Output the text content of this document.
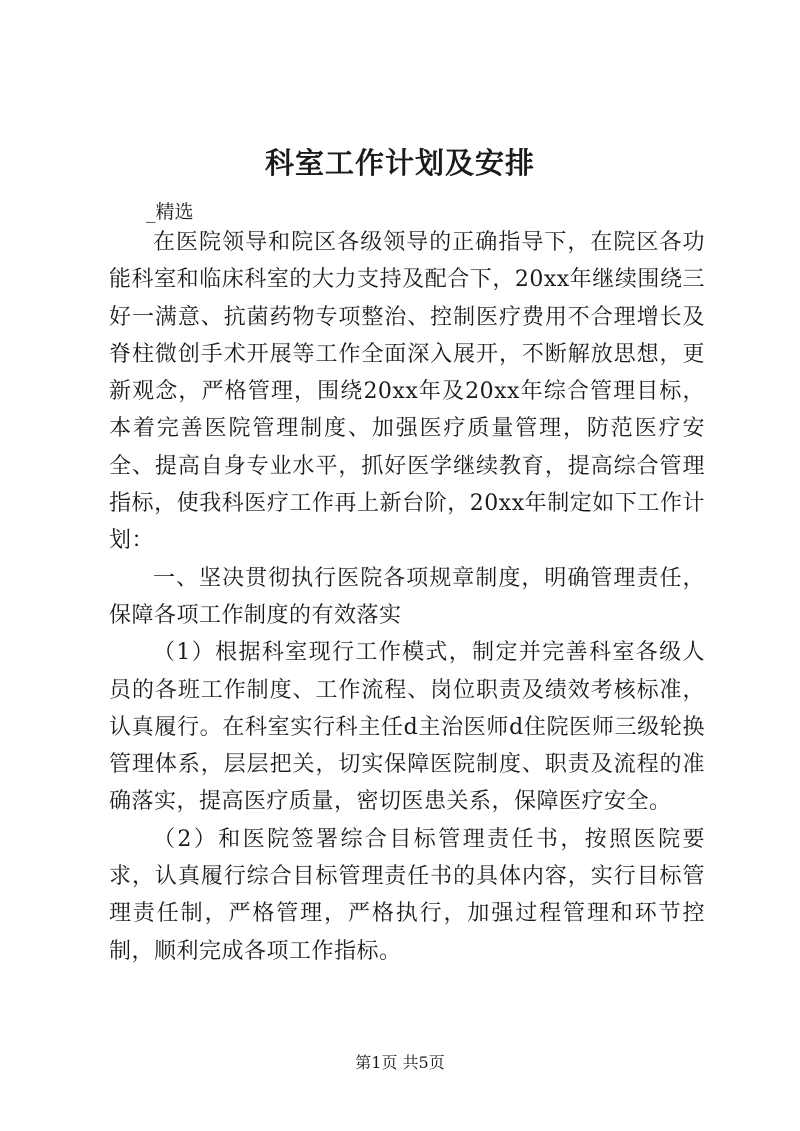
科室工作计划及安排
_精选

在医院领导和院区各级领导的正确指导下，在院区各功能科室和临床科室的大力支持及配合下，20xx年继续围绕三好一满意、抗菌药物专项整治、控制医疗费用不合理增长及脊柱微创手术开展等工作全面深入展开，不断解放思想，更新观念，严格管理，围绕20xx年及20xx年综合管理目标，本着完善医院管理制度、加强医疗质量管理，防范医疗安全、提高自身专业水平，抓好医学继续教育，提高综合管理指标，使我科医疗工作再上新台阶，20xx年制定如下工作计划：

一、坚决贯彻执行医院各项规章制度，明确管理责任，保障各项工作制度的有效落实

（1）根据科室现行工作模式，制定并完善科室各级人员的各班工作制度、工作流程、岗位职责及绩效考核标准，认真履行。在科室实行科主任d主治医师d住院医师三级轮换管理体系，层层把关，切实保障医院制度、职责及流程的准确落实，提高医疗质量，密切医患关系，保障医疗安全。

（2）和医院签署综合目标管理责任书，按照医院要求，认真履行综合目标管理责任书的具体内容，实行目标管理责任制，严格管理，严格执行，加强过程管理和环节控制，顺利完成各项工作指标。

第1页 共5页
